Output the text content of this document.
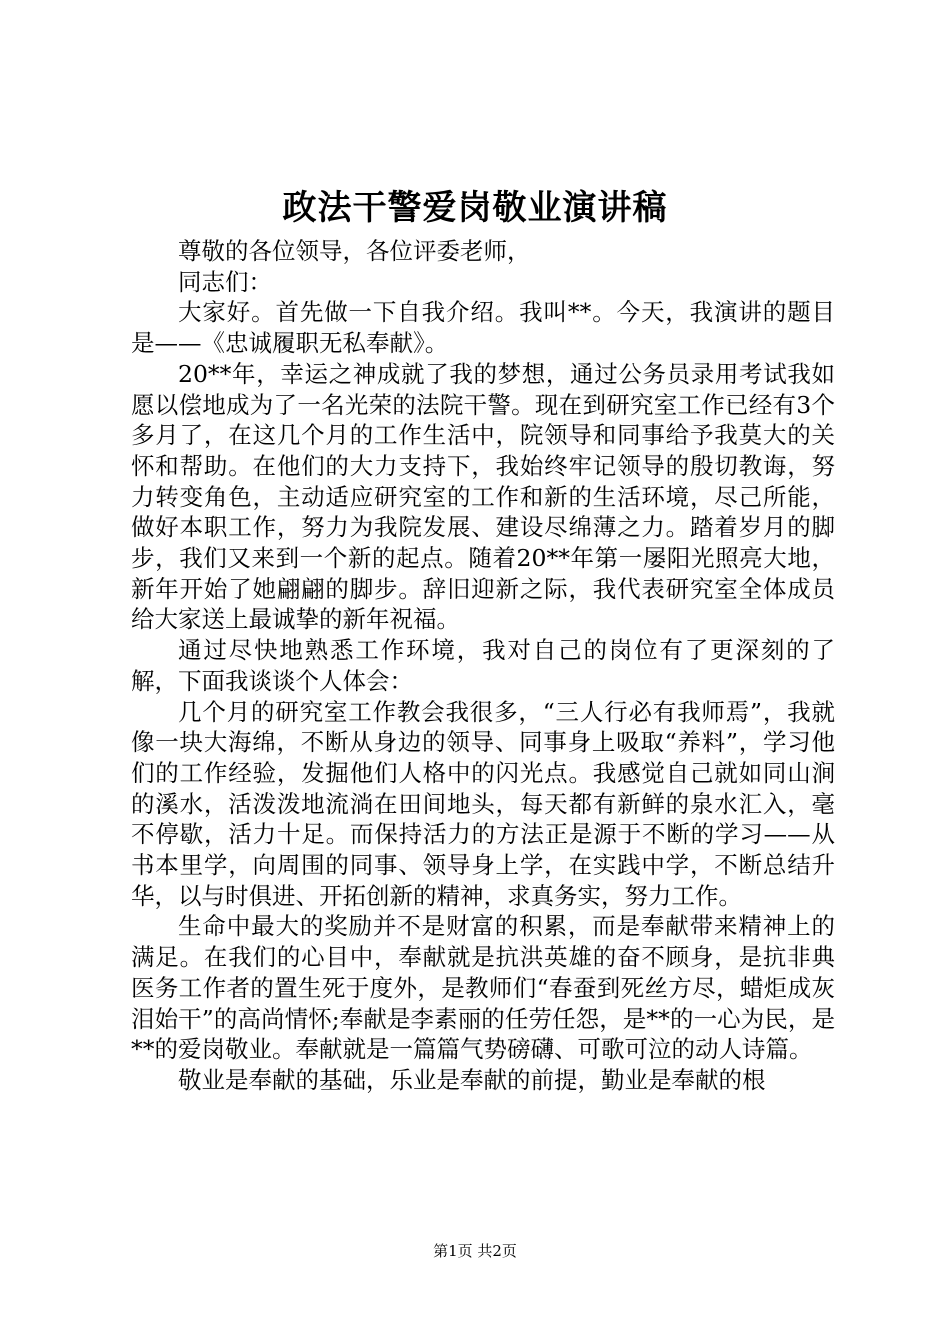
政法干警爱岗敬业演讲稿

尊敬的各位领导，各位评委老师，

同志们：

大家好。首先做一下自我介绍。我叫**。今天，我演讲的题目是——《忠诚履职无私奉献》。

20**年，幸运之神成就了我的梦想，通过公务员录用考试我如愿以偿地成为了一名光荣的法院干警。现在到研究室工作已经有3个多月了，在这几个月的工作生活中，院领导和同事给予我莫大的关怀和帮助。在他们的大力支持下，我始终牢记领导的殷切教诲，努力转变角色，主动适应研究室的工作和新的生活环境，尽己所能，做好本职工作，努力为我院发展、建设尽绵薄之力。踏着岁月的脚步，我们又来到一个新的起点。随着20**年第一屡阳光照亮大地，新年开始了她翩翩的脚步。辞旧迎新之际，我代表研究室全体成员给大家送上最诚挚的新年祝福。

通过尽快地熟悉工作环境，我对自己的岗位有了更深刻的了解，下面我谈谈个人体会：

几个月的研究室工作教会我很多，“三人行必有我师焉”，我就像一块大海绵，不断从身边的领导、同事身上吸取“养料”，学习他们的工作经验，发掘他们人格中的闪光点。我感觉自己就如同山涧的溪水，活泼泼地流淌在田间地头，每天都有新鲜的泉水汇入，毫不停歇，活力十足。而保持活力的方法正是源于不断的学习——从书本里学，向周围的同事、领导身上学，在实践中学，不断总结升华，以与时俱进、开拓创新的精神，求真务实，努力工作。

生命中最大的奖励并不是财富的积累，而是奉献带来精神上的满足。在我们的心目中，奉献就是抗洪英雄的奋不顾身，是抗非典医务工作者的置生死于度外，是教师们“春蚕到死丝方尽，蜡炬成灰泪始干”的高尚情怀;奉献是李素丽的任劳任怨，是**的一心为民，是**的爱岗敬业。奉献就是一篇篇气势磅礴、可歌可泣的动人诗篇。

敬业是奉献的基础，乐业是奉献的前提，勤业是奉献的根

第1页 共2页
